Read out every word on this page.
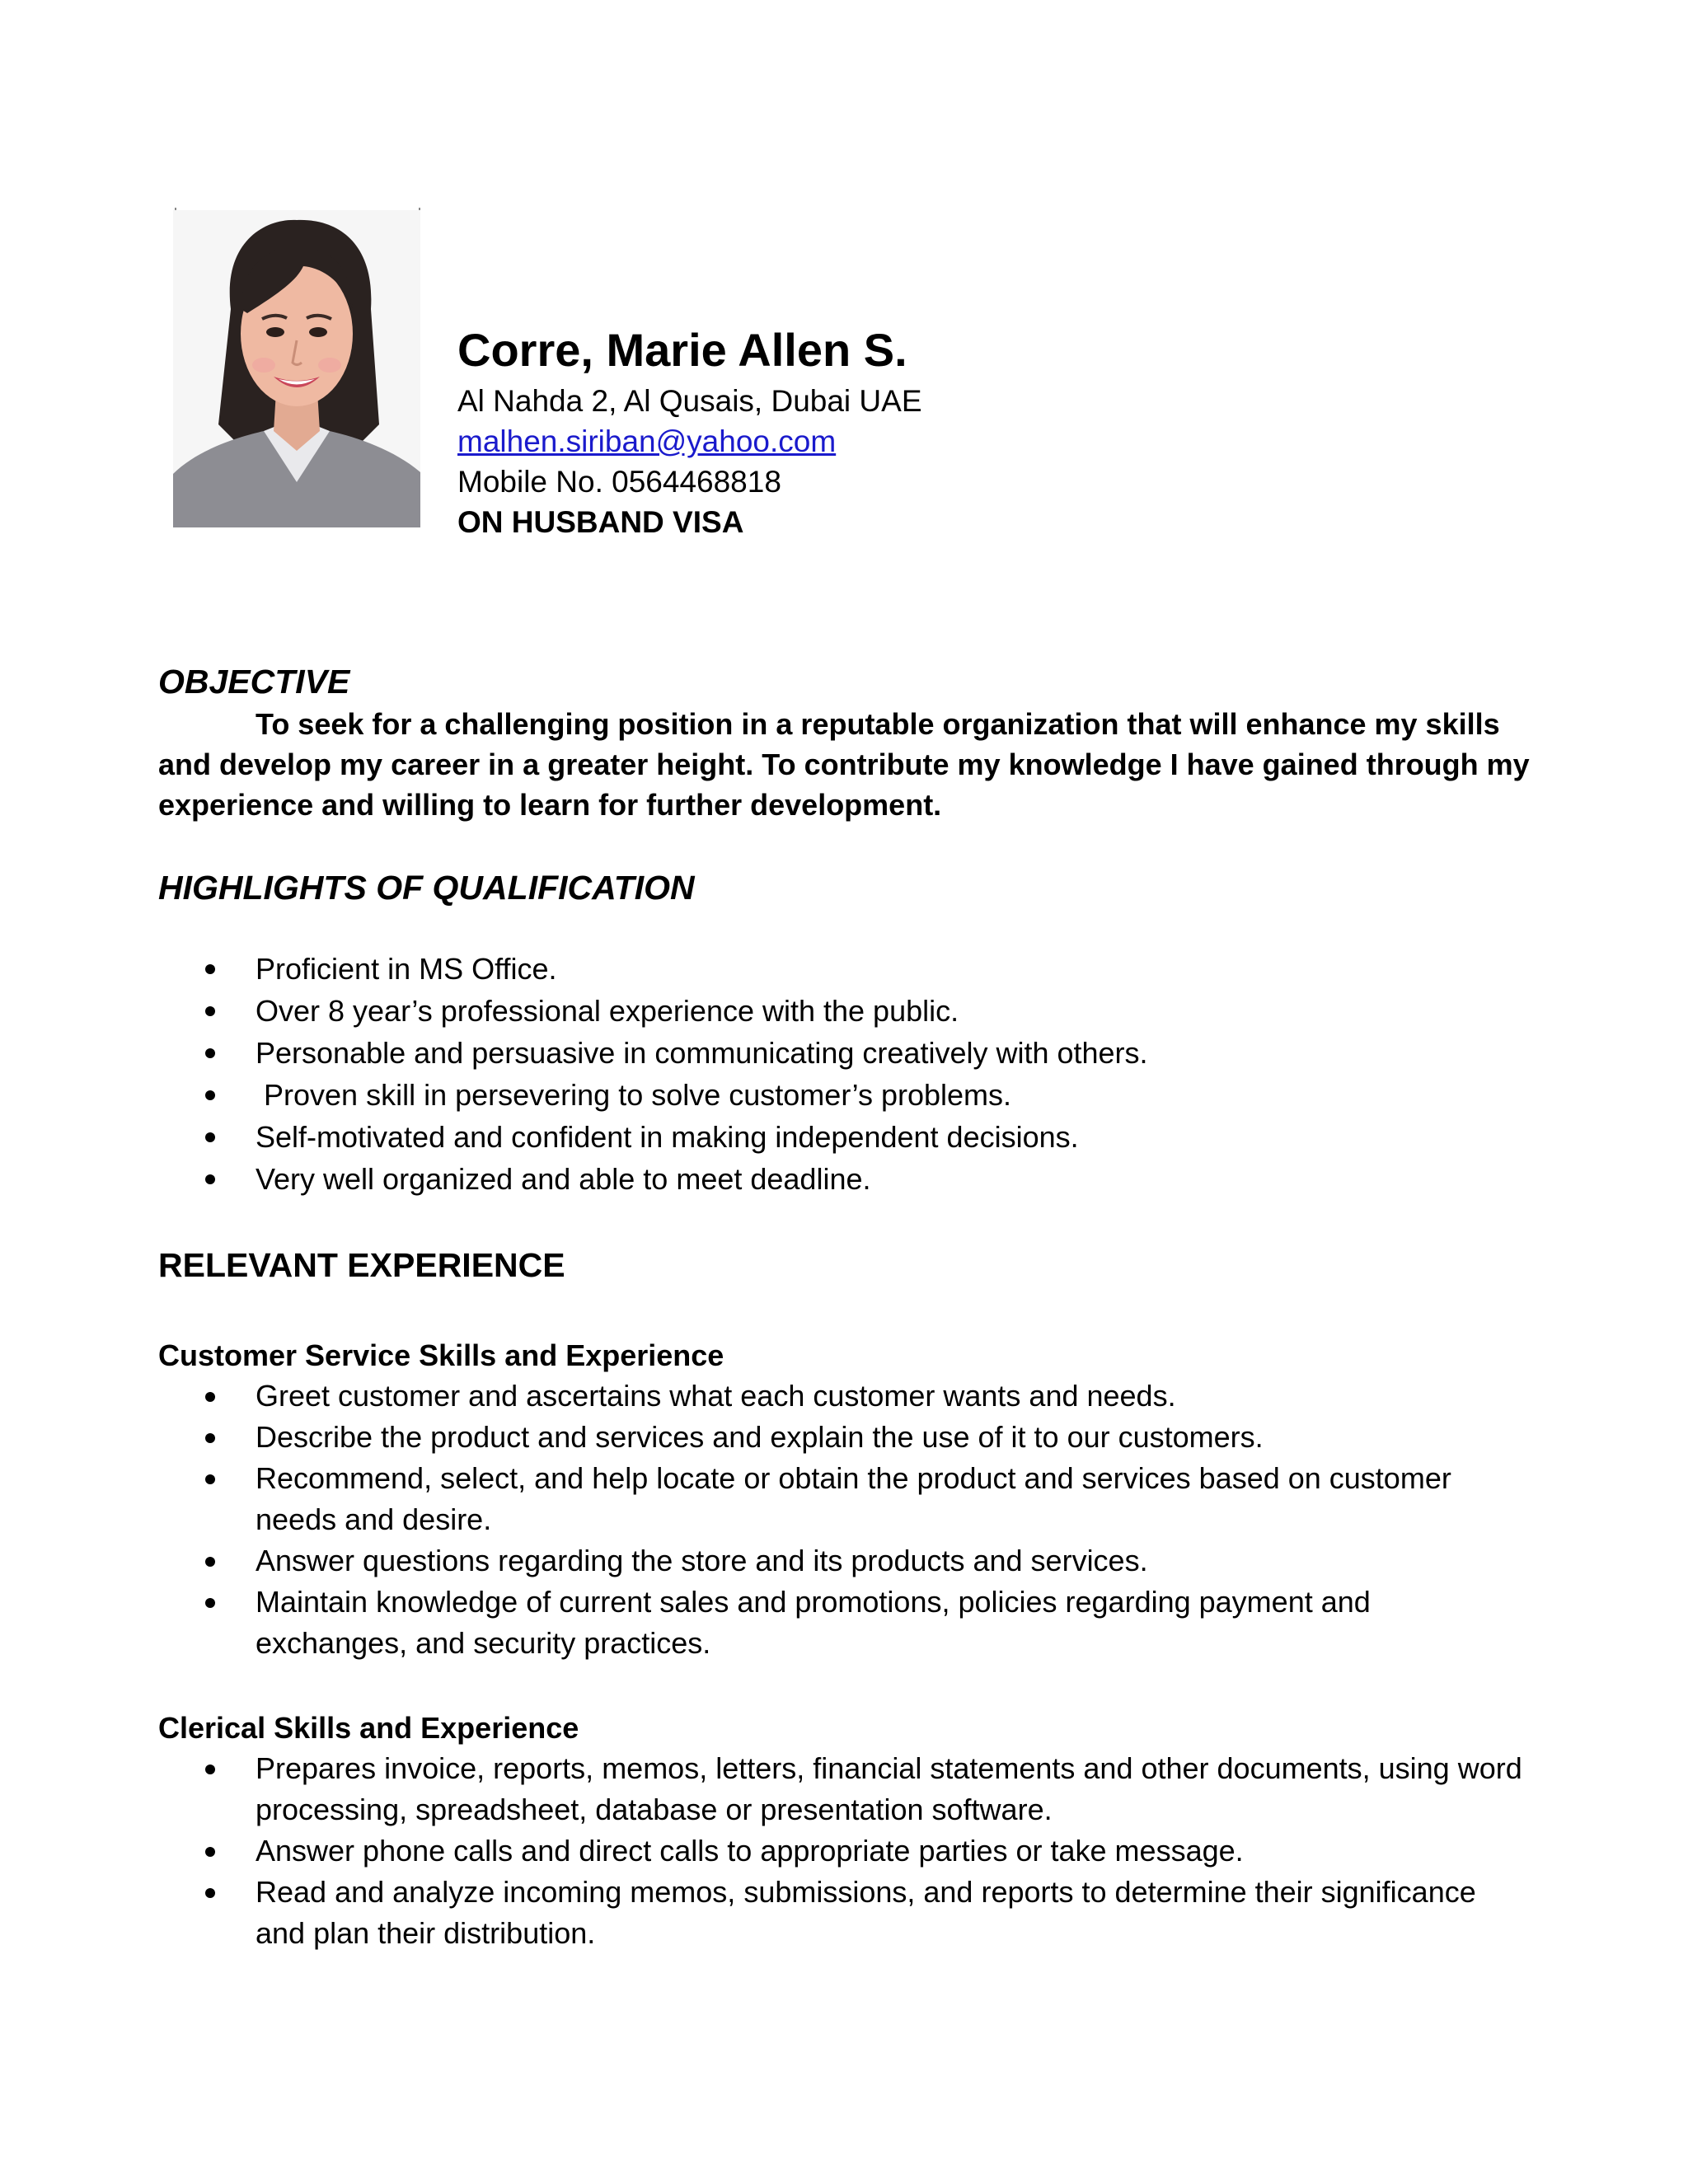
Corre, Marie Allen S.

Al Nahda 2, Al Qusais, Dubai UAE

malhen.siriban@yahoo.com

Mobile No. 0564468818

ON HUSBAND VISA

OBJECTIVE

To seek for a challenging position in a reputable organization that will enhance my skills and develop my career in a greater height. To contribute my knowledge I have gained through my experience and willing to learn for further development.

HIGHLIGHTS OF QUALIFICATION

Proficient in MS Office.
Over 8 year’s professional experience with the public.
Personable and persuasive in communicating creatively with others.
Proven skill in persevering to solve customer’s problems.
Self-motivated and confident in making independent decisions.
Very well organized and able to meet deadline.

RELEVANT EXPERIENCE

Customer Service Skills and Experience

Greet customer and ascertains what each customer wants and needs.
Describe the product and services and explain the use of it to our customers.
Recommend, select, and help locate or obtain the product and services based on customer needs and desire.
Answer questions regarding the store and its products and services.
Maintain knowledge of current sales and promotions, policies regarding payment and exchanges, and security practices.

Clerical Skills and Experience

Prepares invoice, reports, memos, letters, financial statements and other documents, using word processing, spreadsheet, database or presentation software.
Answer phone calls and direct calls to appropriate parties or take message.
Read and analyze incoming memos, submissions, and reports to determine their significance and plan their distribution.
